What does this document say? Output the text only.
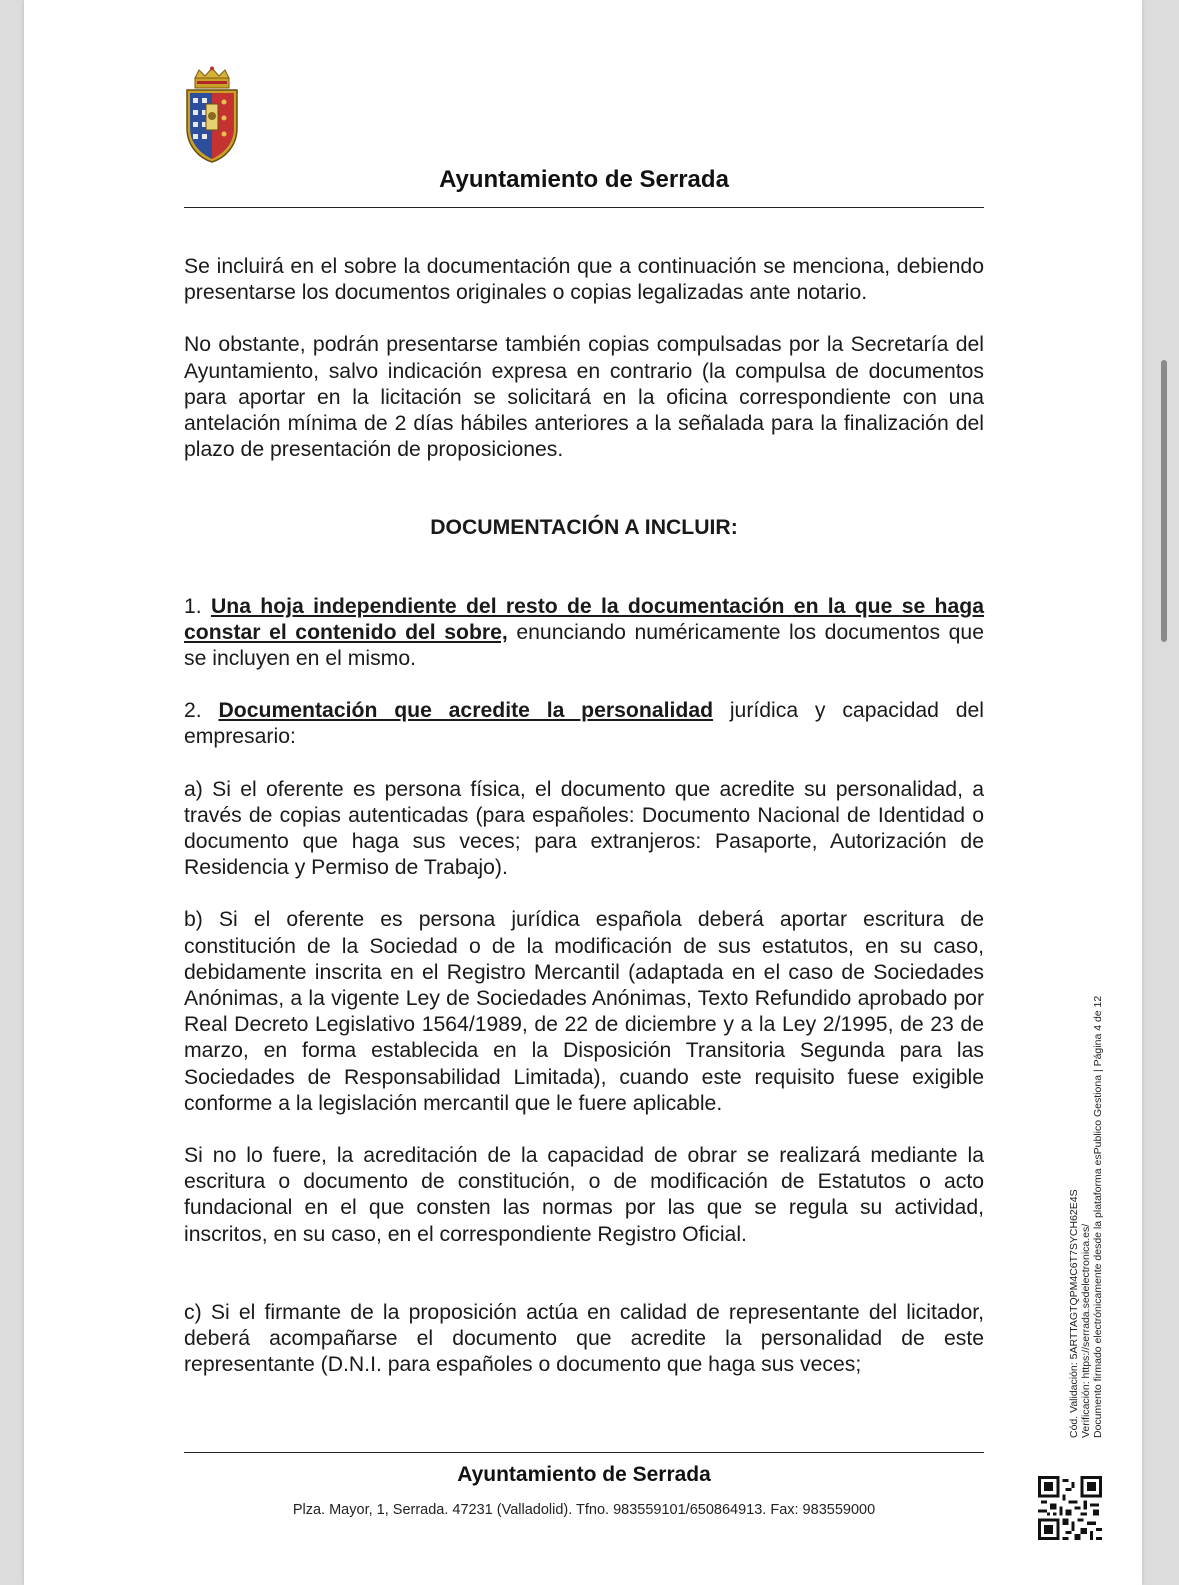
Ayuntamiento de Serrada

Se incluirá en el sobre la documentación que a continuación se menciona, debiendo presentarse los documentos originales o copias legalizadas ante notario.

No obstante, podrán presentarse también copias compulsadas por la Secretaría del Ayuntamiento, salvo indicación expresa en contrario (la compulsa de documentos para aportar en la licitación se solicitará en la oficina correspondiente con una antelación mínima de 2 días hábiles anteriores a la señalada para la finalización del plazo de presentación de proposiciones.

DOCUMENTACIÓN A INCLUIR:

1. Una hoja independiente del resto de la documentación en la que se haga constar el contenido del sobre, enunciando numéricamente los documentos que se incluyen en el mismo.

2. Documentación que acredite la personalidad jurídica y capacidad del empresario:

a) Si el oferente es persona física, el documento que acredite su personalidad, a través de copias autenticadas (para españoles: Documento Nacional de Identidad o documento que haga sus veces; para extranjeros: Pasaporte, Autorización de Residencia y Permiso de Trabajo).

b) Si el oferente es persona jurídica española deberá aportar escritura de constitución de la Sociedad o de la modificación de sus estatutos, en su caso, debidamente inscrita en el Registro Mercantil (adaptada en el caso de Sociedades Anónimas, a la vigente Ley de Sociedades Anónimas, Texto Refundido aprobado por Real Decreto Legislativo 1564/1989, de 22 de diciembre y a la Ley 2/1995, de 23 de marzo, en forma establecida en la Disposición Transitoria Segunda para las Sociedades de Responsabilidad Limitada), cuando este requisito fuese exigible conforme a la legislación mercantil que le fuere aplicable.

Si no lo fuere, la acreditación de la capacidad de obrar se realizará mediante la escritura o documento de constitución, o de modificación de Estatutos o acto fundacional en el que consten las normas por las que se regula su actividad, inscritos, en su caso, en el correspondiente Registro Oficial.

c) Si el firmante de la proposición actúa en calidad de representante del licitador, deberá acompañarse el documento que acredite la personalidad de este representante (D.N.I. para españoles o documento que haga sus veces;

Ayuntamiento de Serrada
Plza. Mayor, 1, Serrada. 47231 (Valladolid). Tfno. 983559101/650864913. Fax: 983559000
Cód. Validación: 5ARTTAGTQPM4C6T7SYCH62E4S Verificación: https://serrada.sedelectronica.es/ Documento firmado electrónicamente desde la plataforma esPublico Gestiona | Página 4 de 12
